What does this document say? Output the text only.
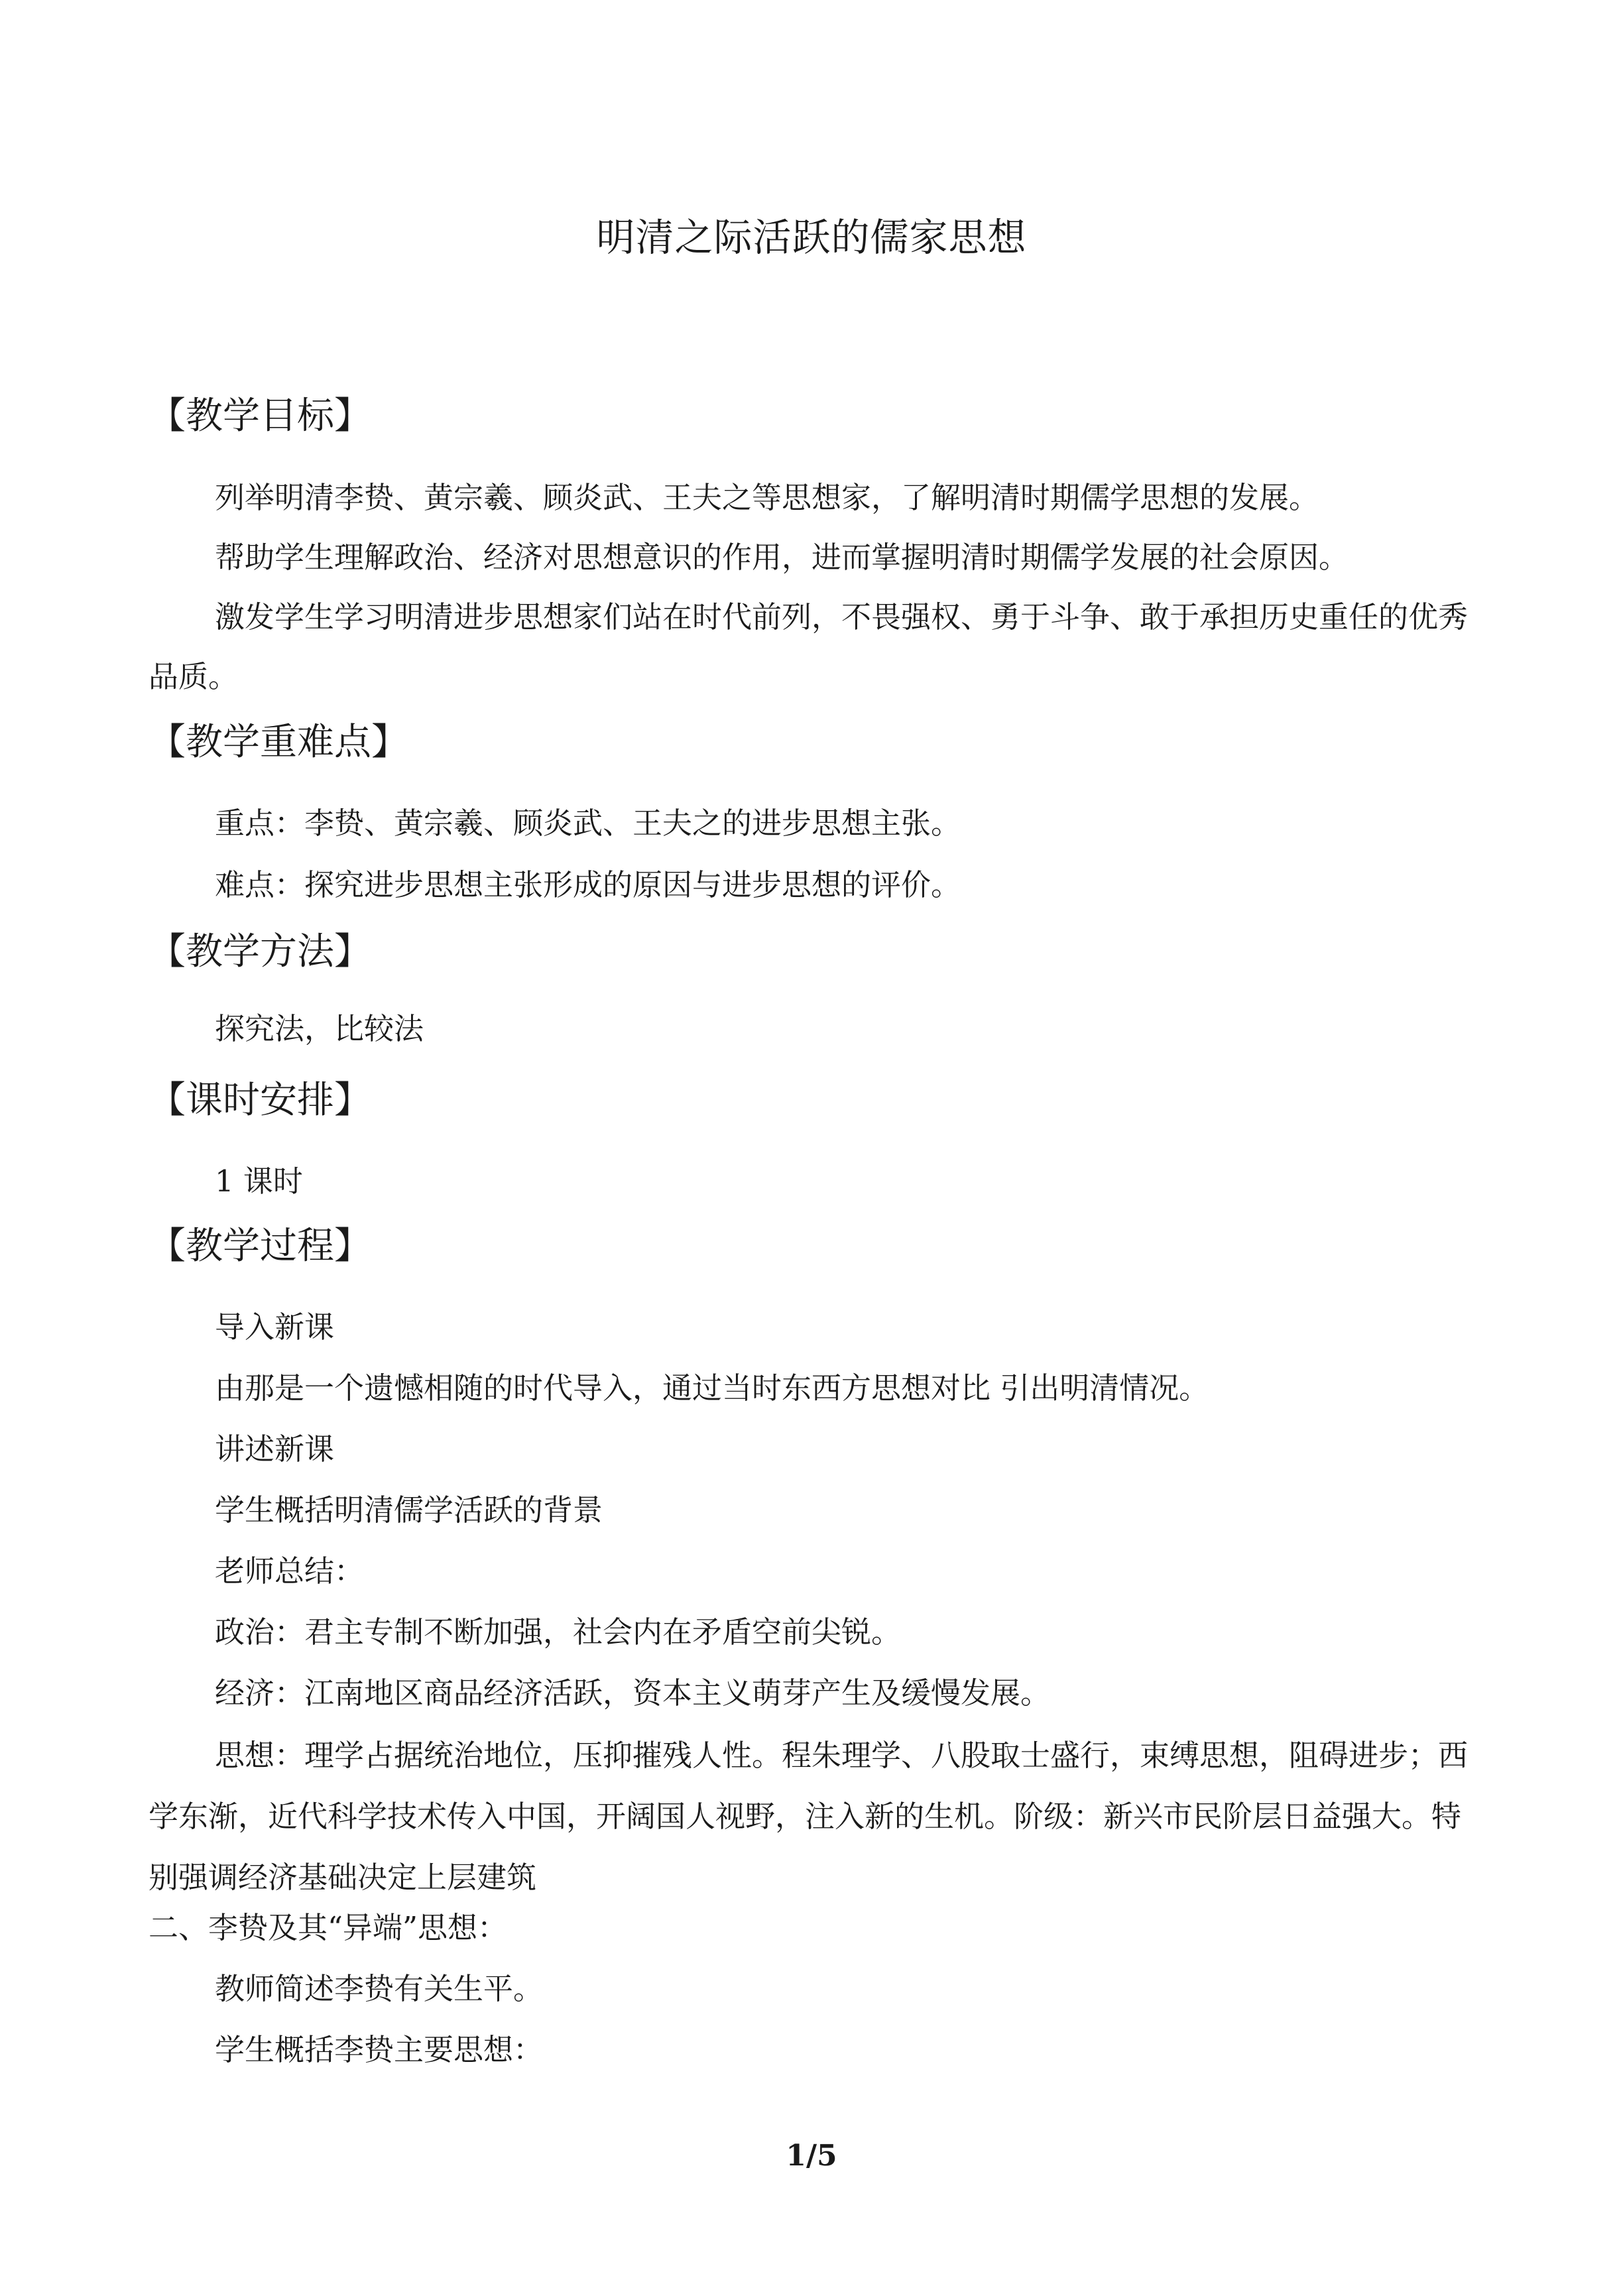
明清之际活跃的儒家思想
【教学目标】

列举明清李贽、黄宗羲、顾炎武、王夫之等思想家，了解明清时期儒学思想的发展。

帮助学生理解政治、经济对思想意识的作用，进而掌握明清时期儒学发展的社会原因。

激发学生学习明清进步思想家们站在时代前列，不畏强权、勇于斗争、敢于承担历史重任的优秀品质。

【教学重难点】

重点：李贽、黄宗羲、顾炎武、王夫之的进步思想主张。

难点：探究进步思想主张形成的原因与进步思想的评价。

【教学方法】

探究法，比较法

【课时安排】

1 课时

【教学过程】

导入新课

由那是一个遗憾相随的时代导入，通过当时东西方思想对比 引出明清情况。

讲述新课

学生概括明清儒学活跃的背景

老师总结：

政治：君主专制不断加强，社会内在矛盾空前尖锐。

经济：江南地区商品经济活跃，资本主义萌芽产生及缓慢发展。

思想：理学占据统治地位，压抑摧残人性。程朱理学、八股取士盛行，束缚思想，阻碍进步；西学东渐，近代科学技术传入中国，开阔国人视野，注入新的生机。阶级：新兴市民阶层日益强大。特别强调经济基础决定上层建筑

二、李贽及其“异端”思想：

教师简述李贽有关生平。

学生概括李贽主要思想：

1/5
